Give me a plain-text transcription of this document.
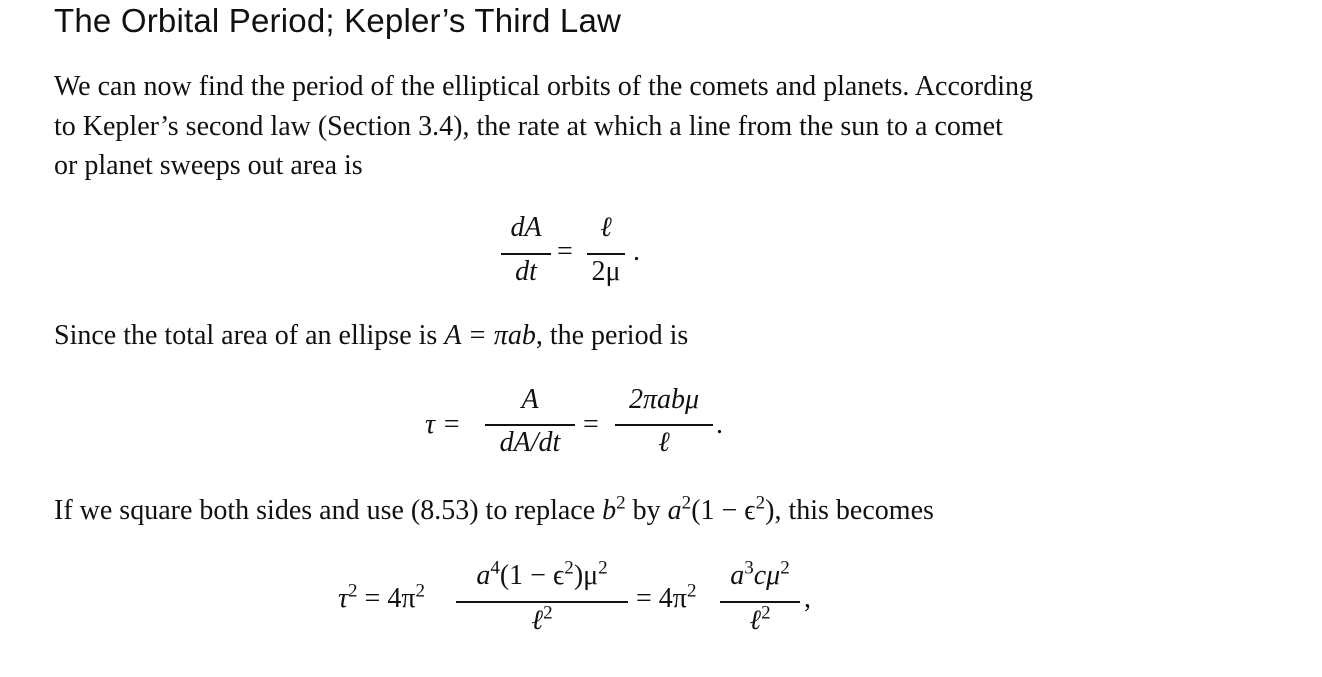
The Orbital Period; Kepler’s Third Law
We can now find the period of the elliptical orbits of the comets and planets. According
to Kepler’s second law (Section 3.4), the rate at which a line from the sun to a comet
or planet sweeps out area is
dA
dt
=
ℓ
2μ
.
Since the total area of an ellipse is A = πab, the period is
τ =
A
dA/dt
=
2πabμ
ℓ
.
If we square both sides and use (8.53) to replace $b^2$ by $a^2(1 - \epsilon^2)$, this becomes
$\tau^2 = 4\pi^2$
$a^4(1 - \epsilon^2)\mu^2$
ℓ$^2$	= $4\pi^2$
$a^3c\mu^2$
ℓ$^2$	,
